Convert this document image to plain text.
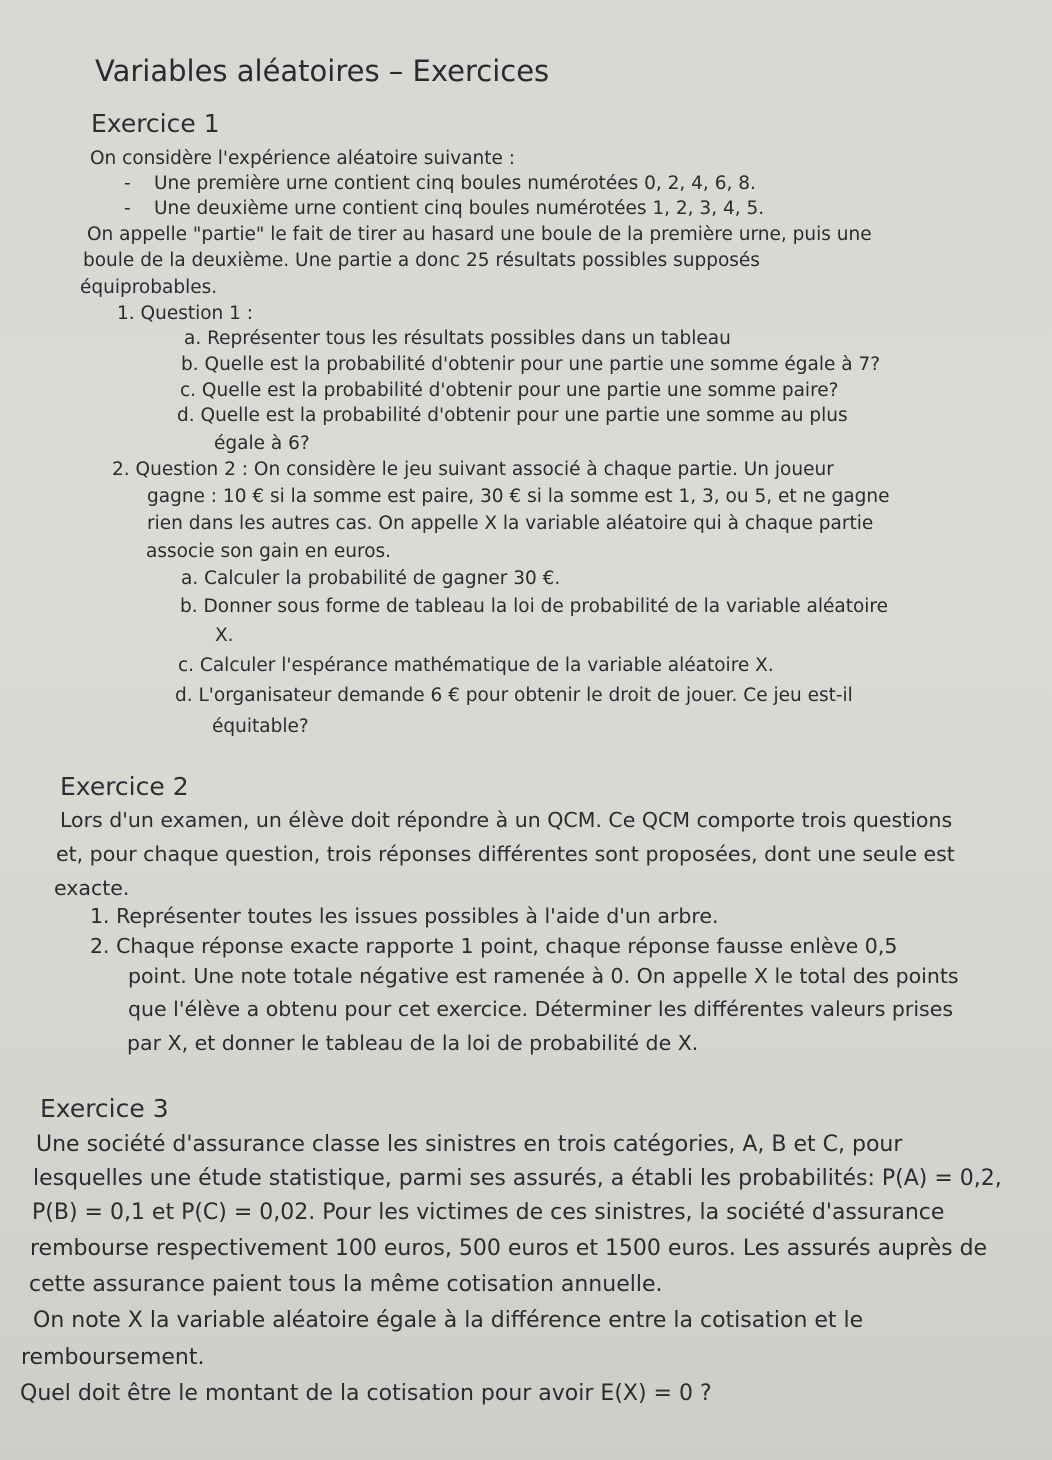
Variables aléatoires – Exercices
Exercice 1
On considère l'expérience aléatoire suivante :
- Une première urne contient cinq boules numérotées 0, 2, 4, 6, 8.
- Une deuxième urne contient cinq boules numérotées 1, 2, 3, 4, 5.
On appelle "partie" le fait de tirer au hasard une boule de la première urne, puis une
boule de la deuxième. Une partie a donc 25 résultats possibles supposés
équiprobables.
1. Question 1 :
a. Représenter tous les résultats possibles dans un tableau
b. Quelle est la probabilité d'obtenir pour une partie une somme égale à 7?
c. Quelle est la probabilité d'obtenir pour une partie une somme paire?
d. Quelle est la probabilité d'obtenir pour une partie une somme au plus
égale à 6?
2. Question 2 : On considère le jeu suivant associé à chaque partie. Un joueur
gagne : 10 € si la somme est paire, 30 € si la somme est 1, 3, ou 5, et ne gagne
rien dans les autres cas. On appelle X la variable aléatoire qui à chaque partie
associe son gain en euros.
a. Calculer la probabilité de gagner 30 €.
b. Donner sous forme de tableau la loi de probabilité de la variable aléatoire
X.
c. Calculer l'espérance mathématique de la variable aléatoire X.
d. L'organisateur demande 6 € pour obtenir le droit de jouer. Ce jeu est-il
équitable?
Exercice 2
Lors d'un examen, un élève doit répondre à un QCM. Ce QCM comporte trois questions
et, pour chaque question, trois réponses différentes sont proposées, dont une seule est
exacte.
1. Représenter toutes les issues possibles à l'aide d'un arbre.
2. Chaque réponse exacte rapporte 1 point, chaque réponse fausse enlève 0,5
point. Une note totale négative est ramenée à 0. On appelle X le total des points
que l'élève a obtenu pour cet exercice. Déterminer les différentes valeurs prises
par X, et donner le tableau de la loi de probabilité de X.
Exercice 3
Une société d'assurance classe les sinistres en trois catégories, A, B et C, pour
lesquelles une étude statistique, parmi ses assurés, a établi les probabilités: P(A) = 0,2,
P(B) = 0,1 et P(C) = 0,02. Pour les victimes de ces sinistres, la société d'assurance
rembourse respectivement 100 euros, 500 euros et 1500 euros. Les assurés auprès de
cette assurance paient tous la même cotisation annuelle.
On note X la variable aléatoire égale à la différence entre la cotisation et le
remboursement.
Quel doit être le montant de la cotisation pour avoir E(X) = 0 ?
